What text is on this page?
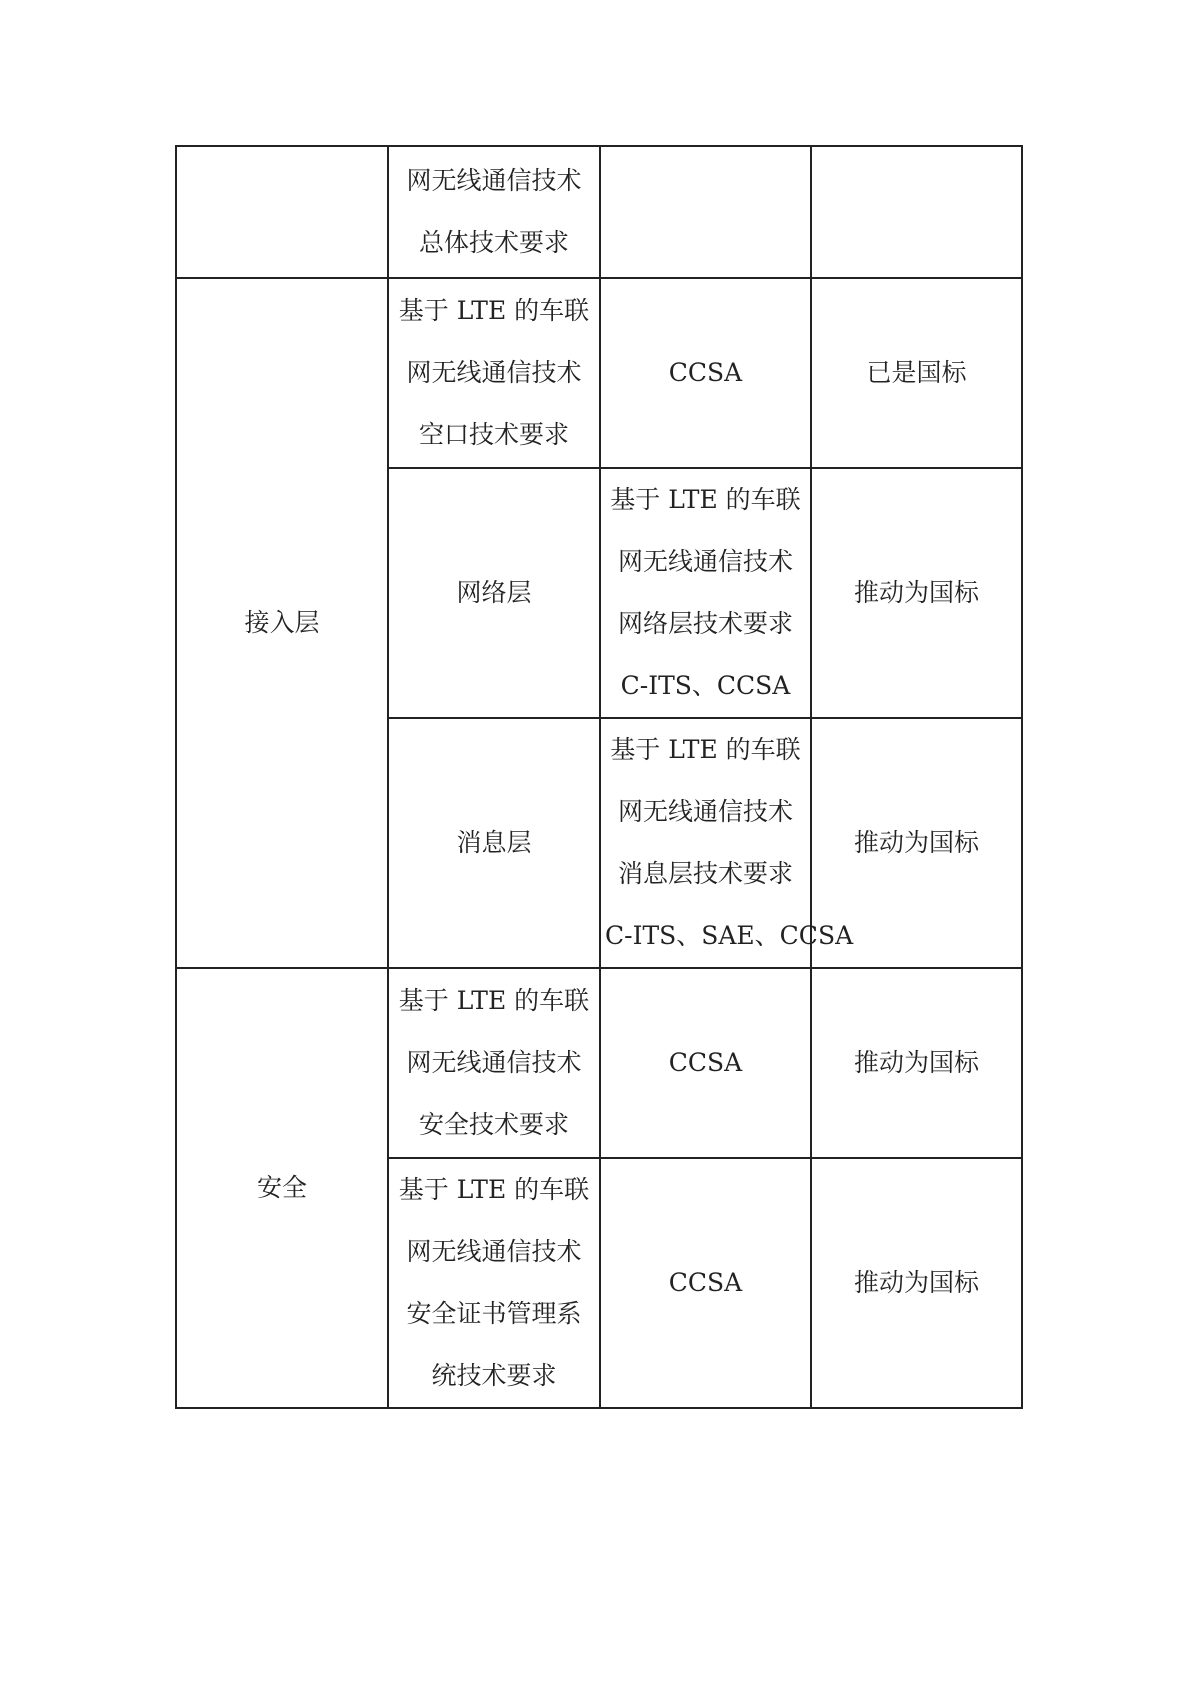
	网无线通信技术
总体技术要求		

接入层	基于 LTE 的车联
网无线通信技术
空口技术要求	CCSA	已是国标

	网络层	基于 LTE 的车联
网无线通信技术
网络层技术要求
C-ITS、CCSA	推动为国标

	消息层	基于 LTE 的车联
网无线通信技术
消息层技术要求
C-ITS、SAE、CCSA	推动为国标
安全	基于 LTE 的车联
网无线通信技术
安全技术要求	CCSA	推动为国标

	基于 LTE 的车联
网无线通信技术
安全证书管理系
统技术要求	CCSA	推动为国标
